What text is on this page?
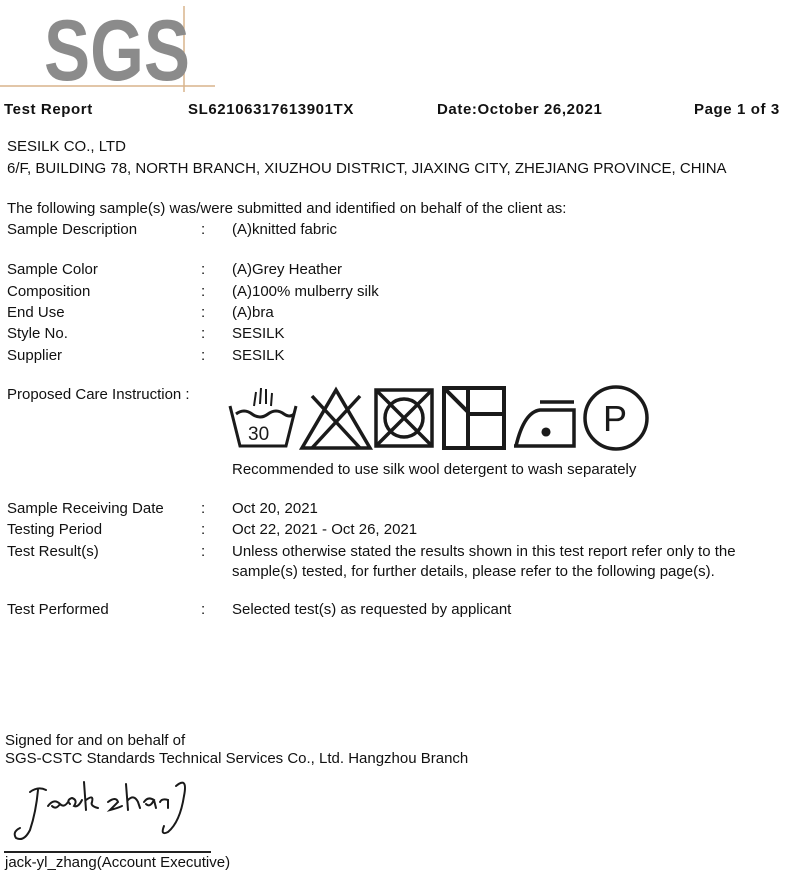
SGS
Test Report	SL62106317613901TX	Date:October 26,2021	Page 1 of 3
SESILK CO., LTD
6/F, BUILDING 78, NORTH BRANCH, XIUZHOU DISTRICT, JIAXING CITY, ZHEJIANG PROVINCE, CHINA
The following sample(s) was/were submitted and identified on behalf of the client as:
Sample Description	: (A)knitted fabric
Sample Color	: (A)Grey Heather
Composition	: (A)100% mulberry silk
End Use	: (A)bra
Style No.	: SESILK
Supplier	: SESILK
Proposed Care Instruction :
30	P
Recommended to use silk wool detergent to wash separately
Sample Receiving Date : Oct 20, 2021
Testing Period	: Oct 22, 2021 - Oct 26, 2021
Test Result(s)	: Unless otherwise stated the results shown in this test report refer only to the
sample(s) tested, for further details, please refer to the following page(s).
Test Performed	: Selected test(s) as requested by applicant
Signed for and on behalf of
SGS-CSTC Standards Technical Services Co., Ltd. Hangzhou Branch
jack-yl_zhang(Account Executive)
